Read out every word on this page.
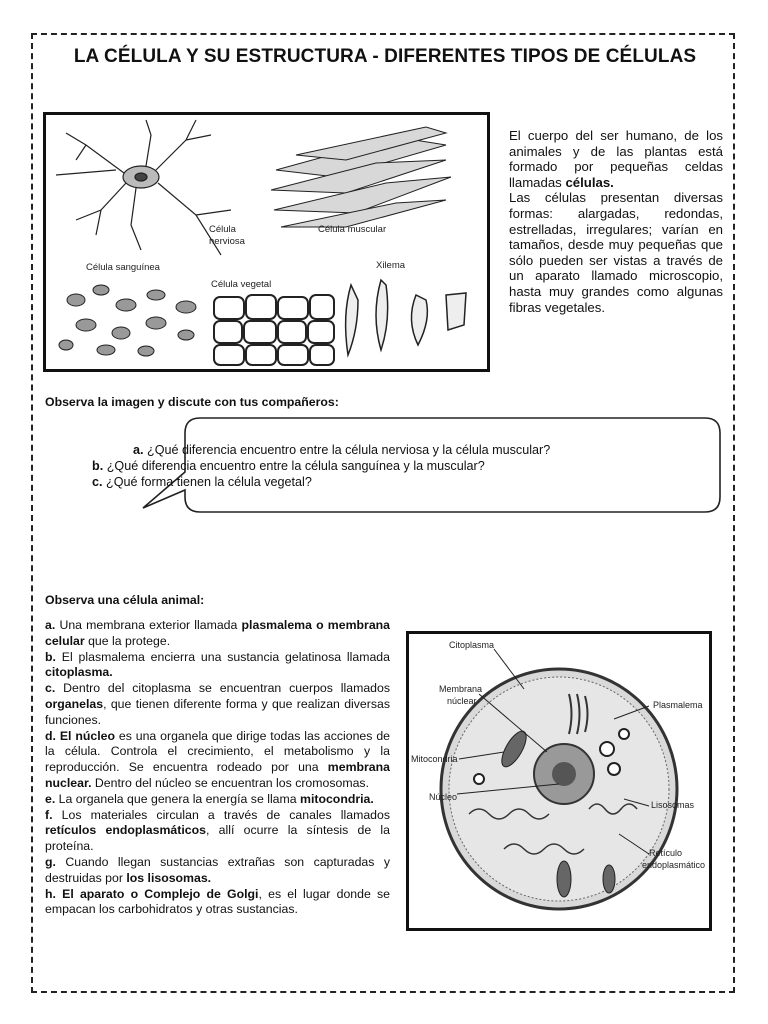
LA CÉLULA Y SU ESTRUCTURA - DIFERENTES TIPOS DE CÉLULAS
Célula
nerviosa
Célula muscular
Célula sanguínea
Célula vegetal
Xilema

El cuerpo del ser humano, de los animales y de las plantas está formado por pequeñas celdas llamadas células.

Las células presentan diversas formas: alargadas, redondas, estrelladas, irregulares; varían en tamaños, desde muy pequeñas que sólo pueden ser vistas a través de un aparato llamado microscopio, hasta muy grandes como algunas fibras vegetales.

Observa la imagen y discute con tus compañeros:
a. ¿Qué diferencia encuentro entre la célula nerviosa y la célula muscular?
b. ¿Qué diferencia encuentro entre la célula sanguínea y la muscular?
c. ¿Qué forma tienen la célula vegetal?
Observa una célula animal:

a. Una membrana exterior llamada plasmalema o membrana celular que la protege.

b. El plasmalema encierra una sustancia gelatinosa llamada citoplasma.

c. Dentro del citoplasma se encuentran cuerpos llamados organelas, que tienen diferente forma y que realizan diversas funciones.

d. El núcleo es una organela que dirige todas las acciones de la célula. Controla el crecimiento, el metabolismo y la reproducción. Se encuentra rodeado por una membrana nuclear. Dentro del núcleo se encuentran los cromosomas.

e. La organela que genera la energía se llama mitocondria.

f. Los materiales circulan a través de canales llamados retículos endoplasmáticos, allí ocurre la síntesis de la proteína.

g. Cuando llegan sustancias extrañas son capturadas y destruidas por los lisosomas.

h. El aparato o Complejo de Golgi, es el lugar donde se empacan los carbohidratos y otras sustancias.

Citoplasma
Membrana
núclear	Plasmalema
Mitocondria
Núcleo
Lisosomas
Retículo
endoplasmático
